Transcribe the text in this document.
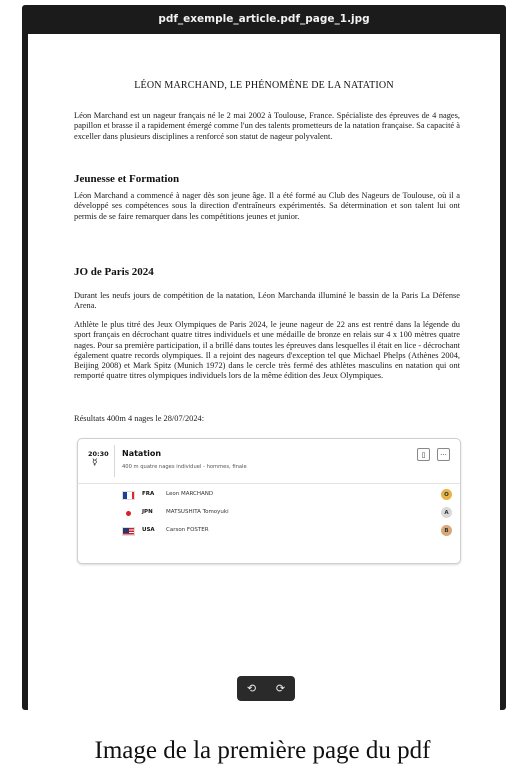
pdf_exemple_article.pdf_page_1.jpg
LÉON MARCHAND, LE PHÉNOMÈNE DE LA NATATION

Léon Marchand est un nageur français né le 2 mai 2002 à Toulouse, France. Spécialiste des épreuves de 4 nages, papillon et brasse il a rapidement émergé comme l'un des talents prometteurs de la natation française. Sa capacité à exceller dans plusieurs disciplines a renforcé son statut de nageur polyvalent.

Jeunesse et Formation

Léon Marchand a commencé à nager dès son jeune âge. Il a été formé au Club des Nageurs de Toulouse, où il a développé ses compétences sous la direction d'entraîneurs expérimentés. Sa détermination et son talent lui ont permis de se faire remarquer dans les compétitions jeunes et junior.

JO de Paris 2024

Durant les neufs jours de compétition de la natation, Léon Marchanda illuminé le bassin de la Paris La Défense Arena.

Athlète le plus titré des Jeux Olympiques de Paris 2024, le jeune nageur de 22 ans est rentré dans la légende du sport français en décrochant quatre titres individuels et une médaille de bronze en relais sur 4 x 100 mètres quatre nages. Pour sa première participation, il a brillé dans toutes les épreuves dans lesquelles il était en lice - décrochant également quatre records olympiques. Il a rejoint des nageurs d'exception tel que Michael Phelps (Athènes 2004, Beijing 2008) et Mark Spitz (Munich 1972) dans le cercle très fermé des athlètes masculins en natation qui ont remporté quatre titres olympiques individuels lors de la même édition des Jeux Olympiques.

Résultats 400m 4 nages le 28/07/2024:

20:30
☿
Natation
400 m quatre nages individuel - hommes, finale
▯ ···
FRA Leon MARCHAND	O
JPN MATSUSHITA Tomoyuki	A
USA Carson FOSTER	B
⟲ ⟳
Image de la première page du pdf
